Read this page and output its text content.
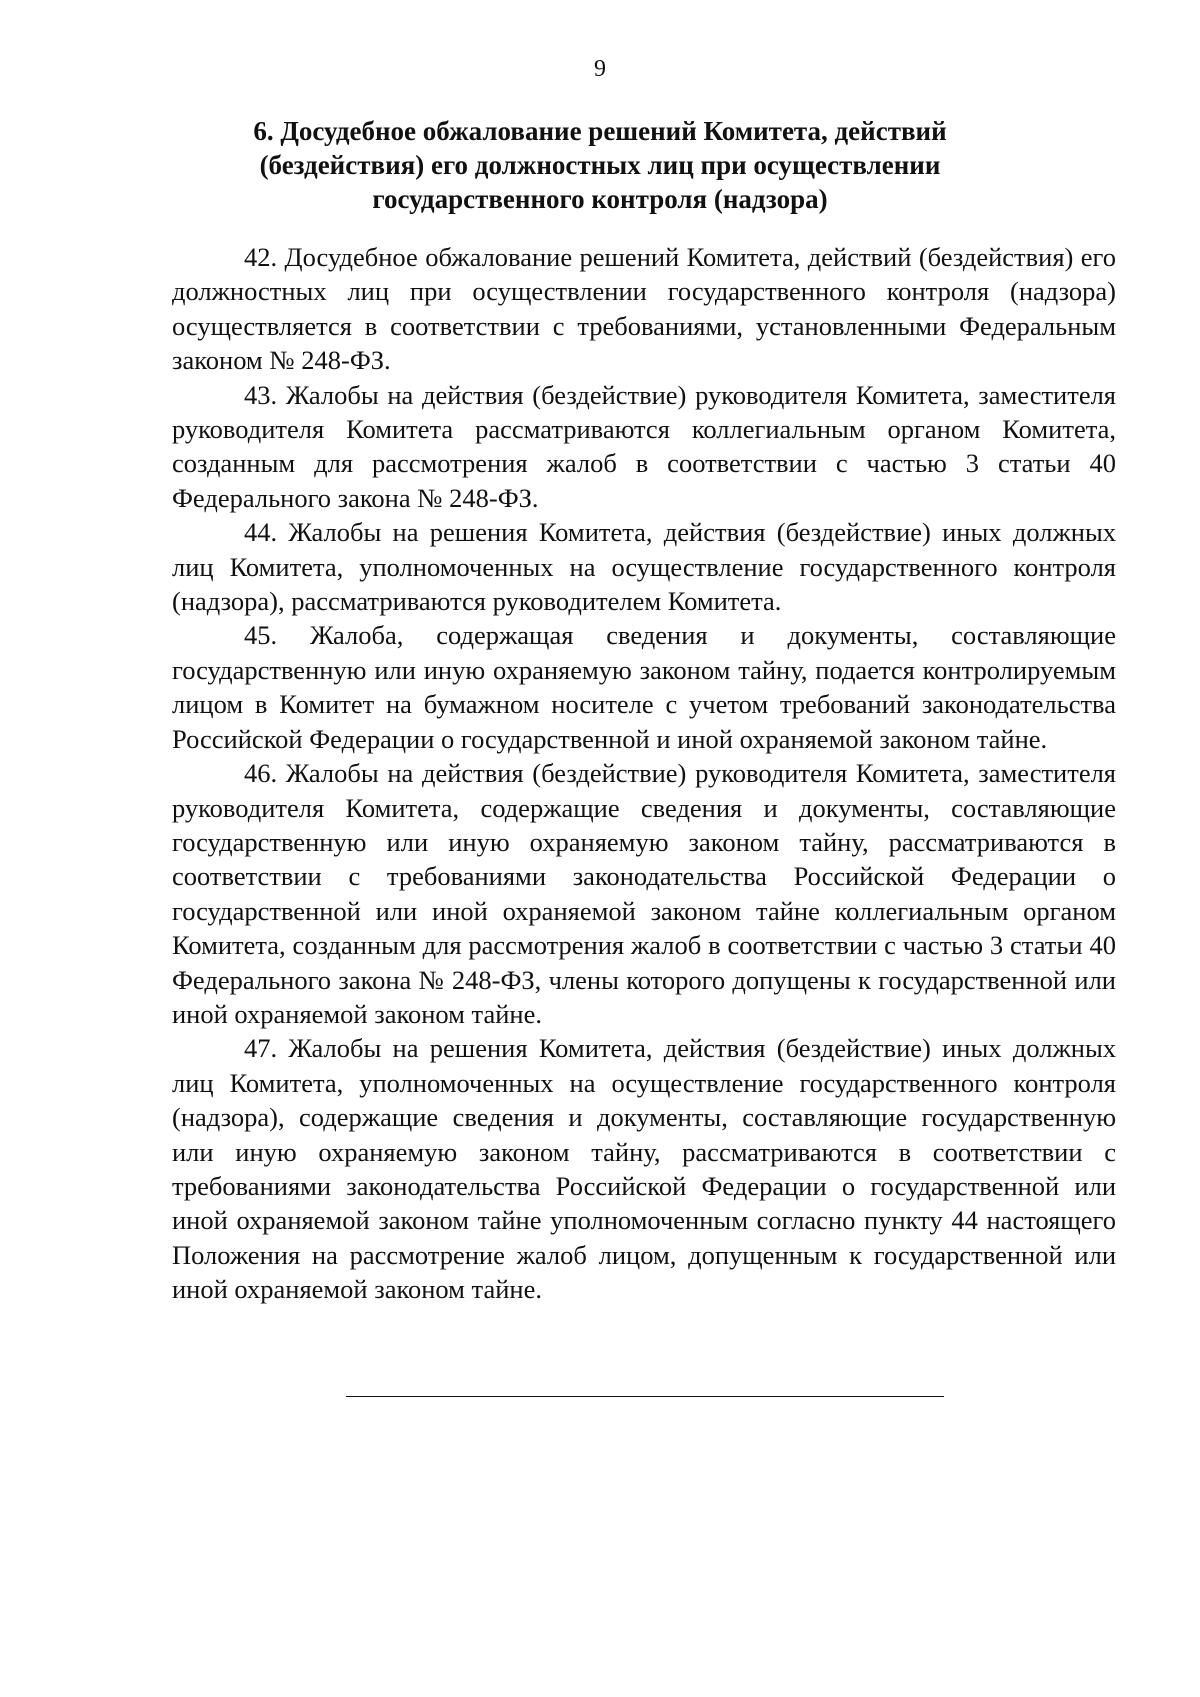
9
6. Досудебное обжалование решений Комитета, действий
(бездействия) его должностных лиц при осуществлении
государственного контроля (надзора)

42. Досудебное обжалование решений Комитета, действий (бездействия) его должностных лиц при осуществлении государственного контроля (надзора) осуществляется в соответствии с требованиями, установленными Федеральным законом № 248-ФЗ.

43. Жалобы на действия (бездействие) руководителя Комитета, заместителя руководителя Комитета рассматриваются коллегиальным органом Комитета, созданным для рассмотрения жалоб в соответствии с частью 3 статьи 40 Федерального закона № 248-ФЗ.

44. Жалобы на решения Комитета, действия (бездействие) иных должных лиц Комитета, уполномоченных на осуществление государственного контроля (надзора), рассматриваются руководителем Комитета.

45. Жалоба, содержащая сведения и документы, составляющие государственную или иную охраняемую законом тайну, подается контролируемым лицом в Комитет на бумажном носителе с учетом требований законодательства Российской Федерации о государственной и иной охраняемой законом тайне.

46. Жалобы на действия (бездействие) руководителя Комитета, заместителя руководителя Комитета, содержащие сведения и документы, составляющие государственную или иную охраняемую законом тайну, рассматриваются в соответствии с требованиями законодательства Российской Федерации о государственной или иной охраняемой законом тайне коллегиальным органом Комитета, созданным для рассмотрения жалоб в соответствии с частью 3 статьи 40 Федерального закона № 248-ФЗ, члены которого допущены к государственной или иной охраняемой законом тайне.

47. Жалобы на решения Комитета, действия (бездействие) иных должных лиц Комитета, уполномоченных на осуществление государственного контроля (надзора), содержащие сведения и документы, составляющие государственную или иную охраняемую законом тайну, рассматриваются в соответствии с требованиями законодательства Российской Федерации о государственной или иной охраняемой законом тайне уполномоченным согласно пункту 44 настоящего Положения на рассмотрение жалоб лицом, допущенным к государственной или иной охраняемой законом тайне.
